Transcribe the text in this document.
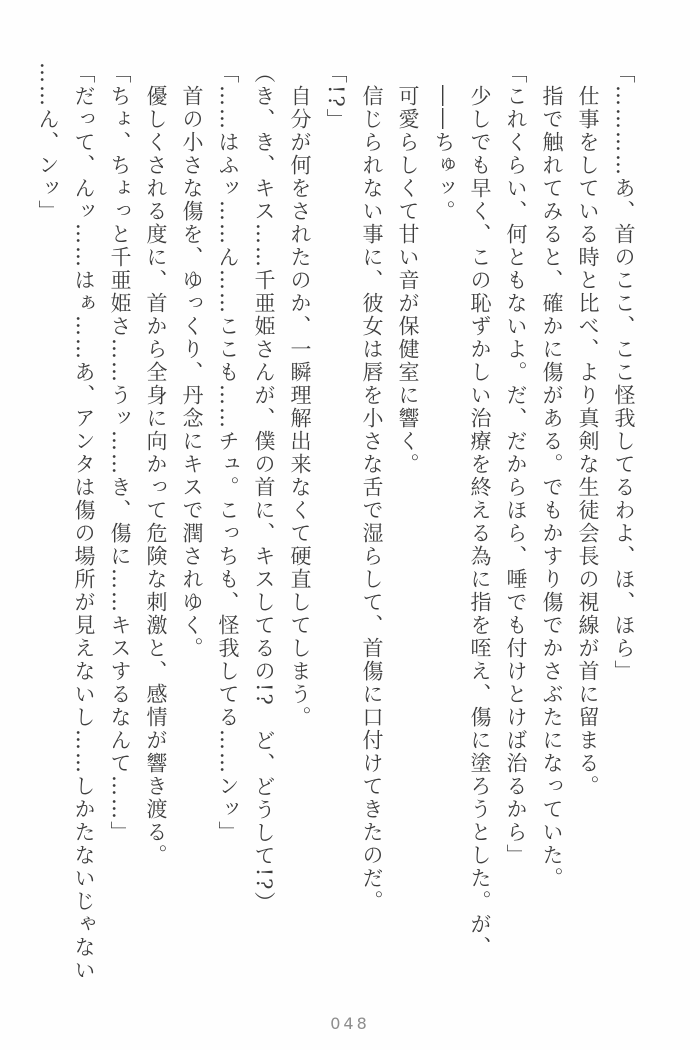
「…………あ、首のここ、ここ怪我してるわよ、ほ、ほら」
仕事をしている時と比べ、より真剣な生徒会長の視線が首に留まる。
指で触れてみると、確かに傷がある。でもかすり傷でかさぶたになっていた。
「これくらい、何ともないよ。だ、だからほら、唾でも付けとけば治るから」
少しでも早く、この恥ずかしい治療を終える為に指を咥え、傷に塗ろうとした。が、
――ちゅッ。
可愛らしくて甘い音が保健室に響く。
信じられない事に、彼女は唇を小さな舌で湿らして、首傷に口付けてきたのだ。
「!?」
自分が何をされたのか、一瞬理解出来なくて硬直してしまう。
（き、き、キス……千亜姫さんが、僕の首に、キスしてるの!?　ど、どうして!?）
「……はふッ……ん……ここも……チュ。こっちも、怪我してる……ンッ」
首の小さな傷を、ゆっくり、丹念にキスで潤されゆく。
優しくされる度に、首から全身に向かって危険な刺激と、感情が響き渡る。
「ちょ、ちょっと千亜姫さ……うッ……き、傷に……キスするなんて……」
「だって、んッ……はぁ……あ、アンタは傷の場所が見えないし……しかたないじゃない
……ん、ンッ」
048
